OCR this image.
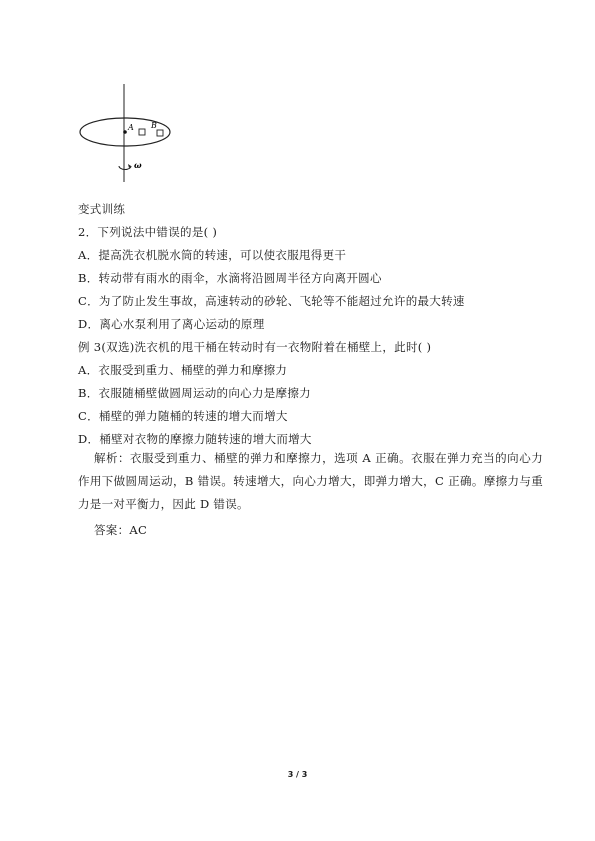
A B
ω
变式训练
2．下列说法中错误的是( )
A．提高洗衣机脱水筒的转速，可以使衣服甩得更干
B．转动带有雨水的雨伞，水滴将沿圆周半径方向离开圆心
C．为了防止发生事故，高速转动的砂轮、飞轮等不能超过允许的最大转速
D．离心水泵利用了离心运动的原理
例 3(双选)洗衣机的甩干桶在转动时有一衣物附着在桶壁上，此时( )
A．衣服受到重力、桶壁的弹力和摩擦力
B．衣服随桶壁做圆周运动的向心力是摩擦力
C．桶壁的弹力随桶的转速的增大而增大
D．桶壁对衣物的摩擦力随转速的增大而增大
解析：衣服受到重力、桶壁的弹力和摩擦力，选项 A 正确。衣服在弹力充当的向心力作用下做圆周运动，B 错误。转速增大，向心力增大，即弹力增大，C 正确。摩擦力与重力是一对平衡力，因此 D 错误。
答案：AC
3 / 3
